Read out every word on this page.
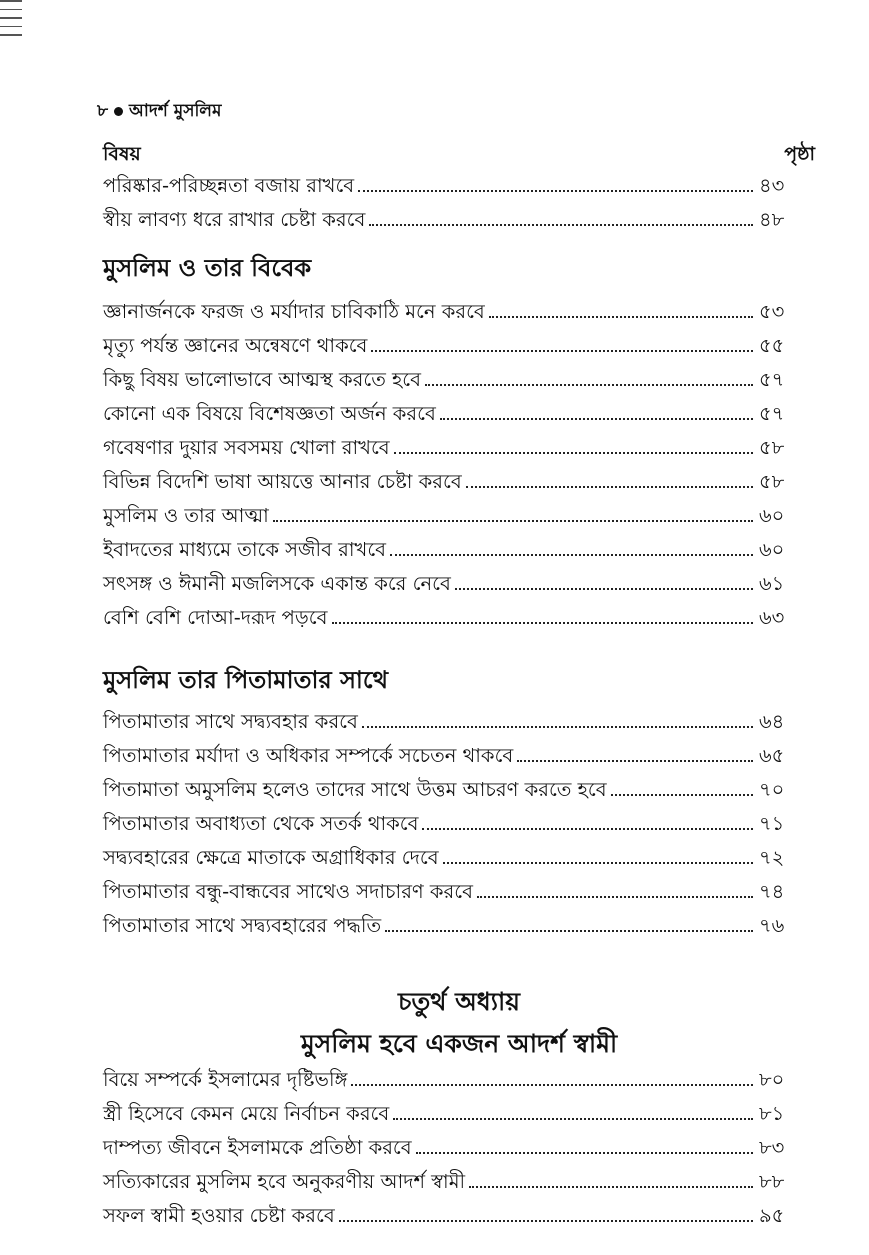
৮ আদর্শ মুসলিম
বিষয়	পৃষ্ঠা
পরিষ্কার-পরিচ্ছন্নতা বজায় রাখবে	৪৩
স্বীয় লাবণ্য ধরে রাখার চেষ্টা করবে	৪৮
মুসলিম ও তার বিবেক
জ্ঞানার্জনকে ফরজ ও মর্যাদার চাবিকাঠি মনে করবে	৫৩
মৃত্যু পর্যন্ত জ্ঞানের অন্বেষণে থাকবে	৫৫
কিছু বিষয় ভালোভাবে আত্মস্থ করতে হবে	৫৭
কোনো এক বিষয়ে বিশেষজ্ঞতা অর্জন করবে	৫৭
গবেষণার দুয়ার সবসময় খোলা রাখবে	৫৮
বিভিন্ন বিদেশি ভাষা আয়ত্তে আনার চেষ্টা করবে	৫৮
মুসলিম ও তার আত্মা	৬০
ইবাদতের মাধ্যমে তাকে সজীব রাখবে	৬০
সৎসঙ্গ ও ঈমানী মজলিসকে একান্ত করে নেবে	৬১
বেশি বেশি দোআ-দরূদ পড়বে	৬৩
মুসলিম তার পিতামাতার সাথে
পিতামাতার সাথে সদ্ব্যবহার করবে	৬৪
পিতামাতার মর্যাদা ও অধিকার সম্পর্কে সচেতন থাকবে	৬৫
পিতামাতা অমুসলিম হলেও তাদের সাথে উত্তম আচরণ করতে হবে	৭০
পিতামাতার অবাধ্যতা থেকে সতর্ক থাকবে	৭১
সদ্ব্যবহারের ক্ষেত্রে মাতাকে অগ্রাধিকার দেবে	৭২
পিতামাতার বন্ধু-বান্ধবের সাথেও সদাচারণ করবে	৭৪
পিতামাতার সাথে সদ্ব্যবহারের পদ্ধতি	৭৬
চতুর্থ অধ্যায়
মুসলিম হবে একজন আদর্শ স্বামী
বিয়ে সম্পর্কে ইসলামের দৃষ্টিভঙ্গি	৮০
স্ত্রী হিসেবে কেমন মেয়ে নির্বাচন করবে	৮১
দাম্পত্য জীবনে ইসলামকে প্রতিষ্ঠা করবে	৮৩
সত্যিকারের মুসলিম হবে অনুকরণীয় আদর্শ স্বামী	৮৮
সফল স্বামী হওয়ার চেষ্টা করবে	৯৫
